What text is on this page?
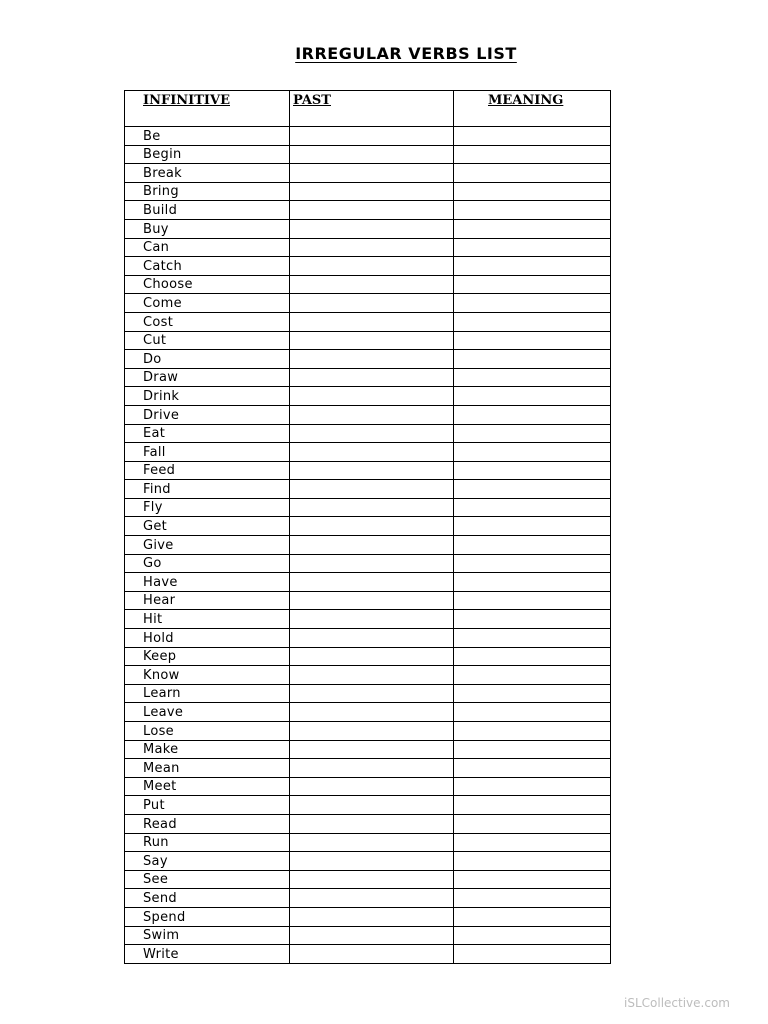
IRREGULAR VERBS LIST
INFINITIVE	PAST	MEANING
Be		
Begin		
Break		
Bring		
Build		
Buy		
Can		
Catch		
Choose		
Come		
Cost		
Cut		
Do		
Draw		
Drink		
Drive		
Eat		
Fall		
Feed		
Find		
Fly		
Get		
Give		
Go		
Have		
Hear		
Hit		
Hold		
Keep		
Know		
Learn		
Leave		
Lose		
Make		
Mean		
Meet		
Put		
Read		
Run		
Say		
See		
Send		
Spend		
Swim		
Write		
iSLCollective.com
